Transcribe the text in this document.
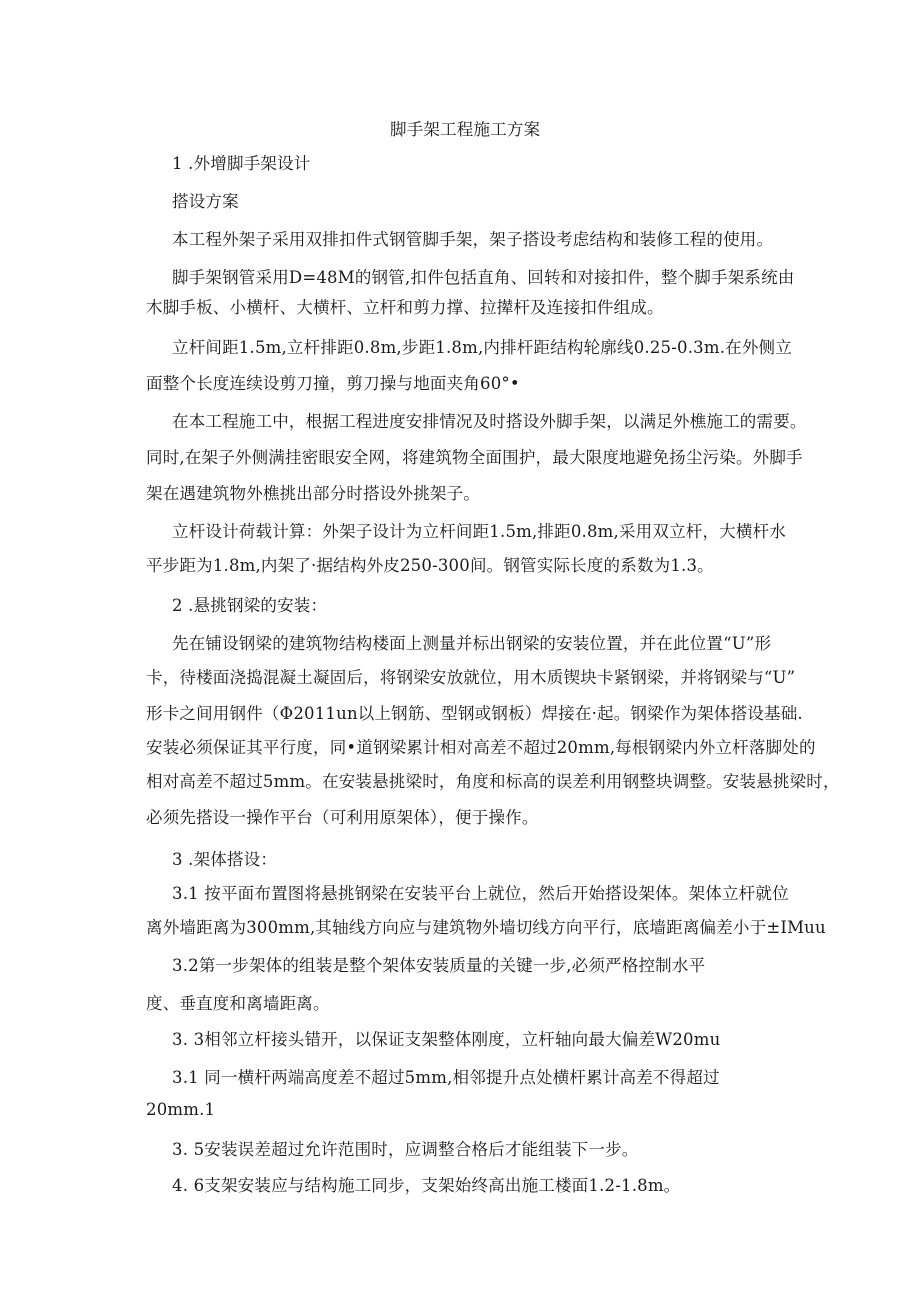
脚手架工程施工方案
1 .外增脚手架设计
搭设方案
本工程外架子采用双排扣件式钢管脚手架，架子搭设考虑结构和装修工程的使用。
脚手架钢管采用D=48M的钢管,扣件包括直角、回转和对接扣件，整个脚手架系统由
木脚手板、小横杆、大横杆、立杆和剪力撑、拉撵杆及连接扣件组成。
立杆间距1.5m,立杆排距0.8m,步距1.8m,内排杆距结构轮廓线0.25-0.3m.在外侧立
面整个长度连续设剪刀撞，剪刀操与地面夹角60°•
在本工程施工中，根据工程进度安排情况及时搭设外脚手架，以满足外樵施工的需要。
同时,在架子外侧满挂密眼安全网，将建筑物全面围护，最大限度地避免扬尘污染。外脚手
架在遇建筑物外樵挑出部分时搭设外挑架子。
立杆设计荷载计算：外架子设计为立杆间距1.5m,排距0.8m,采用双立杆，大横杆水
平步距为1.8m,内架了·据结构外皮250-300间。钢管实际长度的系数为1.3。
2 .悬挑钢梁的安装：
先在铺设钢梁的建筑物结构楼面上测量并标出钢梁的安装位置，并在此位置“U”形
卡，待楼面浇捣混凝土凝固后，将钢梁安放就位，用木质锲块卡紧钢梁，并将钢梁与“U”
形卡之间用钢件（Φ2011un以上钢筋、型钢或钢板）焊接在·起。钢梁作为架体搭设基础.
安装必须保证其平行度，同•道钢梁累计相对高差不超过20mm,每根钢梁内外立杆落脚处的
相对高差不超过5mm。在安装悬挑梁时，角度和标高的误差利用钢整块调整。安装悬挑梁时，
必须先搭设一操作平台（可利用原架体），便于操作。
3 .架体搭设：
3.1 按平面布置图将悬挑钢梁在安装平台上就位，然后开始搭设架体。架体立杆就位
离外墙距离为300mm,其轴线方向应与建筑物外墙切线方向平行，底墙距离偏差小于±IMuu
3.2第一步架体的组装是整个架体安装质量的关键一步,必须严格控制水平
度、垂直度和离墙距离。
3. 3相邻立杆接头错开，以保证支架整体刚度，立杆轴向最大偏差W20mu
3.1 同一横杆两端高度差不超过5mm,相邻提升点处横杆累计高差不得超过
20mm.1
3. 5安装误差超过允许范围时，应调整合格后才能组装下一步。
4. 6支架安装应与结构施工同步，支架始终高出施工楼面1.2-1.8m。
